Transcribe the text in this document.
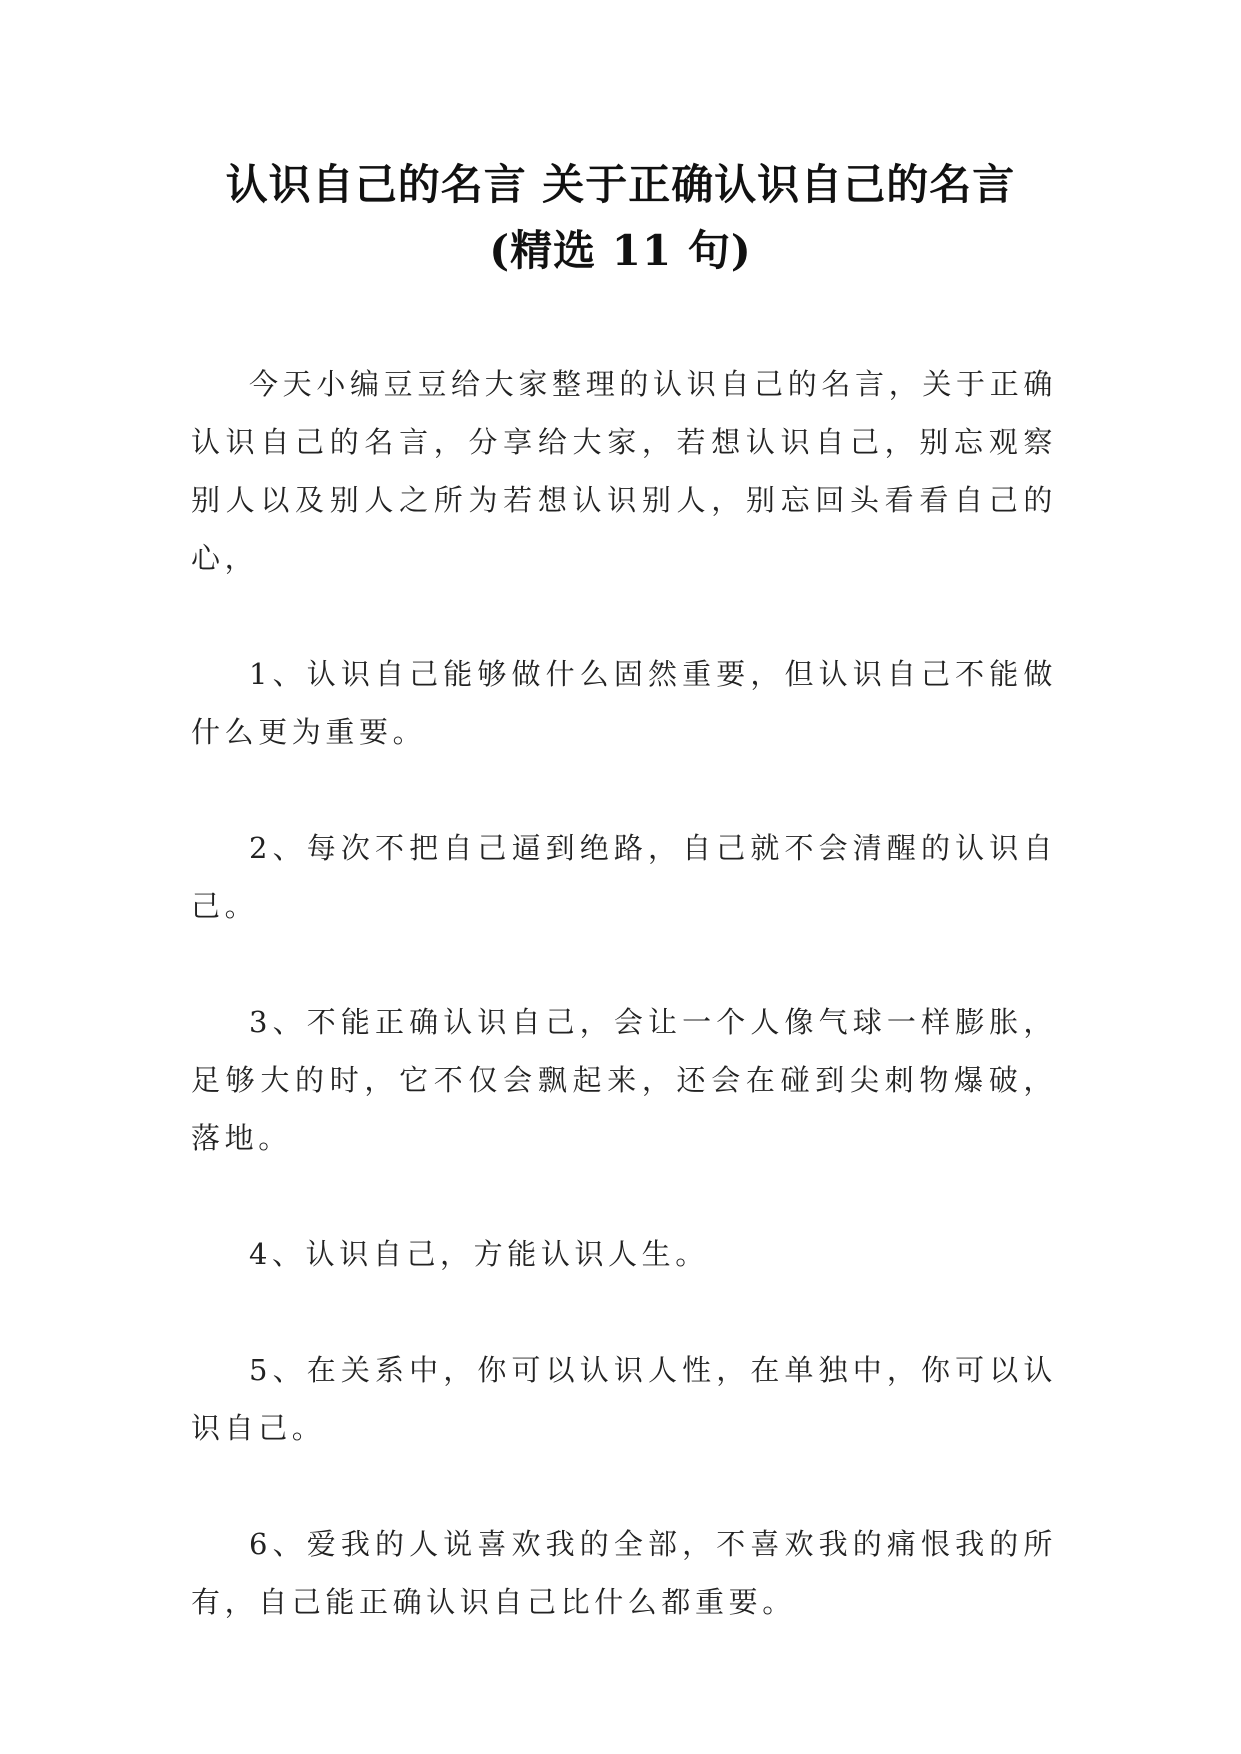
认识自己的名言 关于正确认识自己的名言
(精选 11 句)

今天小编豆豆给大家整理的认识自己的名言，关于正确认识自己的名言，分享给大家，若想认识自己，别忘观察别人以及别人之所为若想认识别人，别忘回头看看自己的心，

1、认识自己能够做什么固然重要，但认识自己不能做什么更为重要。

2、每次不把自己逼到绝路，自己就不会清醒的认识自己。

3、不能正确认识自己，会让一个人像气球一样膨胀，足够大的时，它不仅会飘起来，还会在碰到尖刺物爆破，落地。

4、认识自己，方能认识人生。

5、在关系中，你可以认识人性，在单独中，你可以认识自己。

6、爱我的人说喜欢我的全部，不喜欢我的痛恨我的所有，自己能正确认识自己比什么都重要。
